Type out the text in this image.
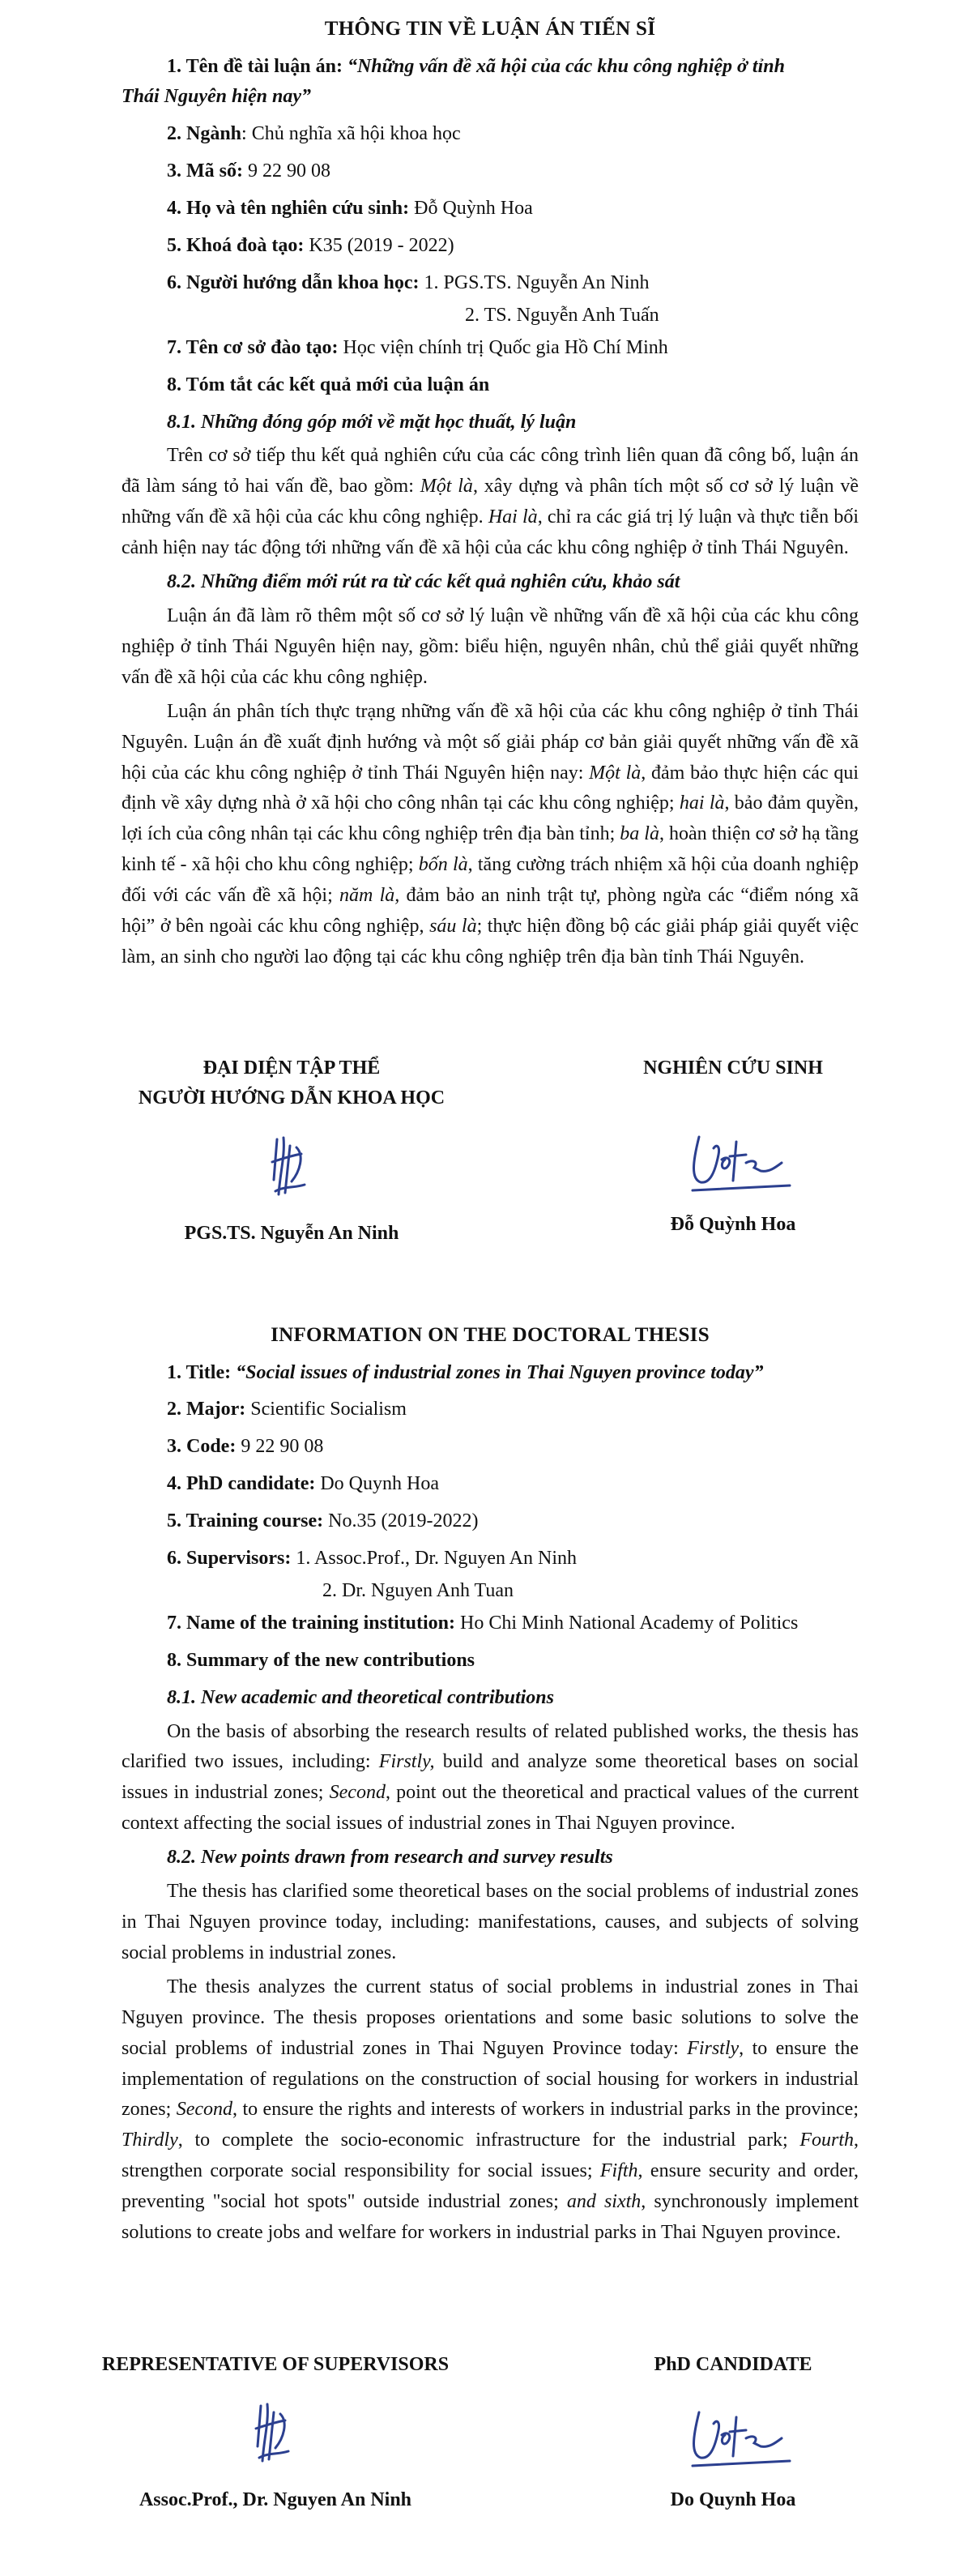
THÔNG TIN VỀ LUẬN ÁN TIẾN SĨ
1. Tên đề tài luận án: “Những vấn đề xã hội của các khu công nghiệp ở tỉnh
Thái Nguyên hiện nay”
2. Ngành: Chủ nghĩa xã hội khoa học
3. Mã số: 9 22 90 08
4. Họ và tên nghiên cứu sinh: Đỗ Quỳnh Hoa
5. Khoá đoà tạo: K35 (2019 - 2022)
6. Người hướng dẫn khoa học: 1. PGS.TS. Nguyễn An Ninh
2. TS. Nguyễn Anh Tuấn
7. Tên cơ sở đào tạo: Học viện chính trị Quốc gia Hồ Chí Minh
8. Tóm tắt các kết quả mới của luận án
8.1. Những đóng góp mới về mặt học thuất, lý luận

Trên cơ sở tiếp thu kết quả nghiên cứu của các công trình liên quan đã công bố, luận án đã làm sáng tỏ hai vấn đề, bao gồm: Một là, xây dựng và phân tích một số cơ sở lý luận về những vấn đề xã hội của các khu công nghiệp. Hai là, chỉ ra các giá trị lý luận và thực tiễn bối cảnh hiện nay tác động tới những vấn đề xã hội của các khu công nghiệp ở tỉnh Thái Nguyên.

8.2. Những điểm mới rút ra từ các kết quả nghiên cứu, khảo sát

Luận án đã làm rõ thêm một số cơ sở lý luận về những vấn đề xã hội của các khu công nghiệp ở tỉnh Thái Nguyên hiện nay, gồm: biểu hiện, nguyên nhân, chủ thể giải quyết những vấn đề xã hội của các khu công nghiệp.

Luận án phân tích thực trạng những vấn đề xã hội của các khu công nghiệp ở tỉnh Thái Nguyên. Luận án đề xuất định hướng và một số giải pháp cơ bản giải quyết những vấn đề xã hội của các khu công nghiệp ở tỉnh Thái Nguyên hiện nay: Một là, đảm bảo thực hiện các qui định về xây dựng nhà ở xã hội cho công nhân tại các khu công nghiệp; hai là, bảo đảm quyền, lợi ích của công nhân tại các khu công nghiệp trên địa bàn tỉnh; ba là, hoàn thiện cơ sở hạ tầng kinh tế - xã hội cho khu công nghiệp; bốn là, tăng cường trách nhiệm xã hội của doanh nghiệp đối với các vấn đề xã hội; năm là, đảm bảo an ninh trật tự, phòng ngừa các “điểm nóng xã hội” ở bên ngoài các khu công nghiệp, sáu là; thực hiện đồng bộ các giải pháp giải quyết việc làm, an sinh cho người lao động tại các khu công nghiệp trên địa bàn tỉnh Thái Nguyên.

ĐẠI DIỆN TẬP THỂ
NGƯỜI HƯỚNG DẪN KHOA HỌC
PGS.TS. Nguyễn An Ninh
NGHIÊN CỨU SINH
Đỗ Quỳnh Hoa
INFORMATION ON THE DOCTORAL THESIS
1. Title: “Social issues of industrial zones in Thai Nguyen province today”
2. Major: Scientific Socialism
3. Code: 9 22 90 08
4. PhD candidate: Do Quynh Hoa
5. Training course: No.35 (2019-2022)
6. Supervisors: 1. Assoc.Prof., Dr. Nguyen An Ninh
2. Dr. Nguyen Anh Tuan
7. Name of the training institution: Ho Chi Minh National Academy of Politics
8. Summary of the new contributions
8.1. New academic and theoretical contributions

On the basis of absorbing the research results of related published works, the thesis has clarified two issues, including: Firstly, build and analyze some theoretical bases on social issues in industrial zones; Second, point out the theoretical and practical values of the current context affecting the social issues of industrial zones in Thai Nguyen province.

8.2. New points drawn from research and survey results

The thesis has clarified some theoretical bases on the social problems of industrial zones in Thai Nguyen province today, including: manifestations, causes, and subjects of solving social problems in industrial zones.

The thesis analyzes the current status of social problems in industrial zones in Thai Nguyen province. The thesis proposes orientations and some basic solutions to solve the social problems of industrial zones in Thai Nguyen Province today: Firstly, to ensure the implementation of regulations on the construction of social housing for workers in industrial zones; Second, to ensure the rights and interests of workers in industrial parks in the province; Thirdly, to complete the socio-economic infrastructure for the industrial park; Fourth, strengthen corporate social responsibility for social issues; Fifth, ensure security and order, preventing "social hot spots" outside industrial zones; and sixth, synchronously implement solutions to create jobs and welfare for workers in industrial parks in Thai Nguyen province.

REPRESENTATIVE OF SUPERVISORS
Assoc.Prof., Dr. Nguyen An Ninh
PhD CANDIDATE
Do Quynh Hoa
